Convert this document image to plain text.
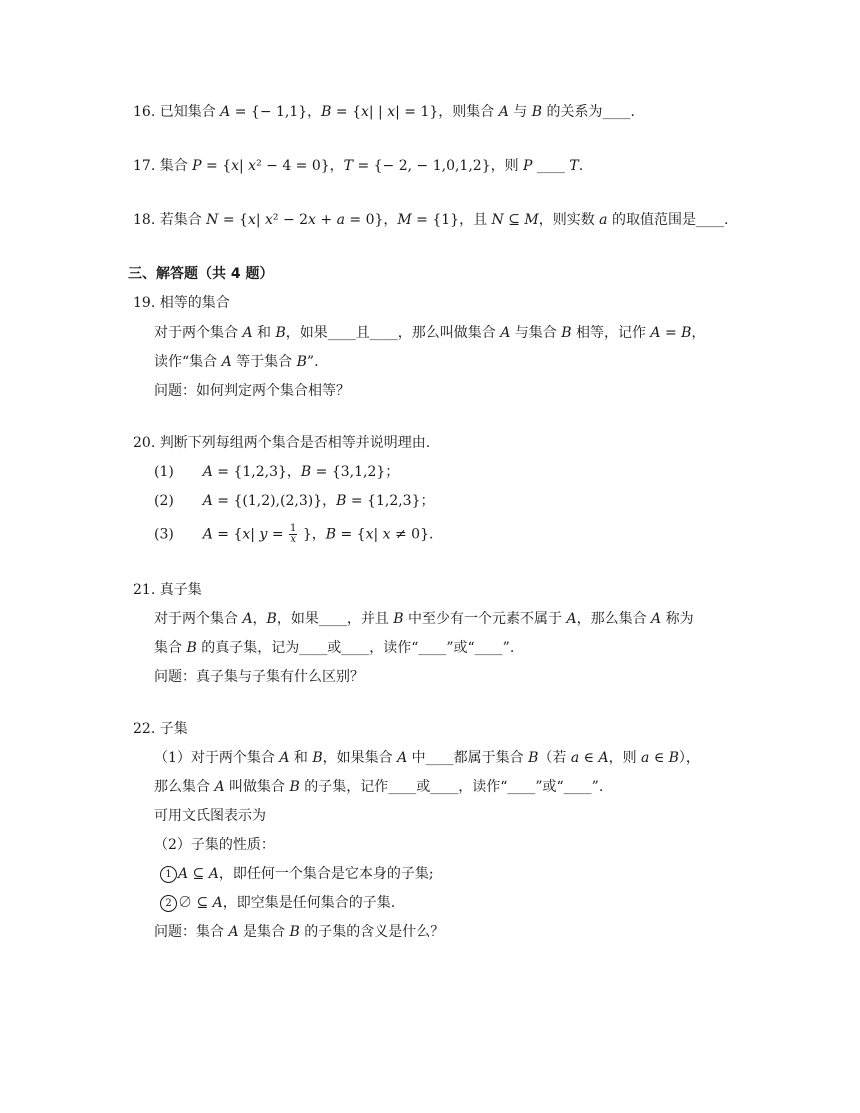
16. 已知集合 𝐴 = {− 1,1}，𝐵 = {𝑥| | 𝑥| = 1}，则集合 𝐴 与 𝐵 的关系为____.
17. 集合 𝑃 = {𝑥| 𝑥² − 4 = 0}，𝑇 = {− 2, − 1,0,1,2}，则 𝑃 ____ 𝑇.
18. 若集合 𝑁 = {𝑥| 𝑥² − 2𝑥 + 𝑎 = 0}，𝑀 = {1}，且 𝑁 ⊆ 𝑀，则实数 𝑎 的取值范围是____.
三、解答题（共 4 题）
19. 相等的集合
对于两个集合 𝐴 和 𝐵，如果____且____，那么叫做集合 𝐴 与集合 𝐵 相等，记作 𝐴 = 𝐵，
读作“集合 𝐴 等于集合 𝐵”.
问题：如何判定两个集合相等？
20. 判断下列每组两个集合是否相等并说明理由.
(1) 𝐴 = {1,2,3}，𝐵 = {3,1,2}；
(2) 𝐴 = {(1,2),(2,3)}，𝐵 = {1,2,3}；
(3) 𝐴 = {𝑥| 𝑦 = 1
𝑥 }，𝐵 = {𝑥| 𝑥 ≠ 0}.
21. 真子集
对于两个集合 𝐴，𝐵，如果____，并且 𝐵 中至少有一个元素不属于 𝐴，那么集合 𝐴 称为
集合 𝐵 的真子集，记为____或____，读作“____”或“____”.
问题：真子集与子集有什么区别？
22. 子集
（1）对于两个集合 𝐴 和 𝐵，如果集合 𝐴 中____都属于集合 𝐵（若 𝑎 ∈ 𝐴，则 𝑎 ∈ 𝐵），
那么集合 𝐴 叫做集合 𝐵 的子集，记作____或____，读作“____”或“____”.
可用文氏图表示为
（2）子集的性质：
1 𝐴 ⊆ 𝐴，即任何一个集合是它本身的子集;
2 ∅ ⊆ 𝐴，即空集是任何集合的子集.
问题：集合 𝐴 是集合 𝐵 的子集的含义是什么？
